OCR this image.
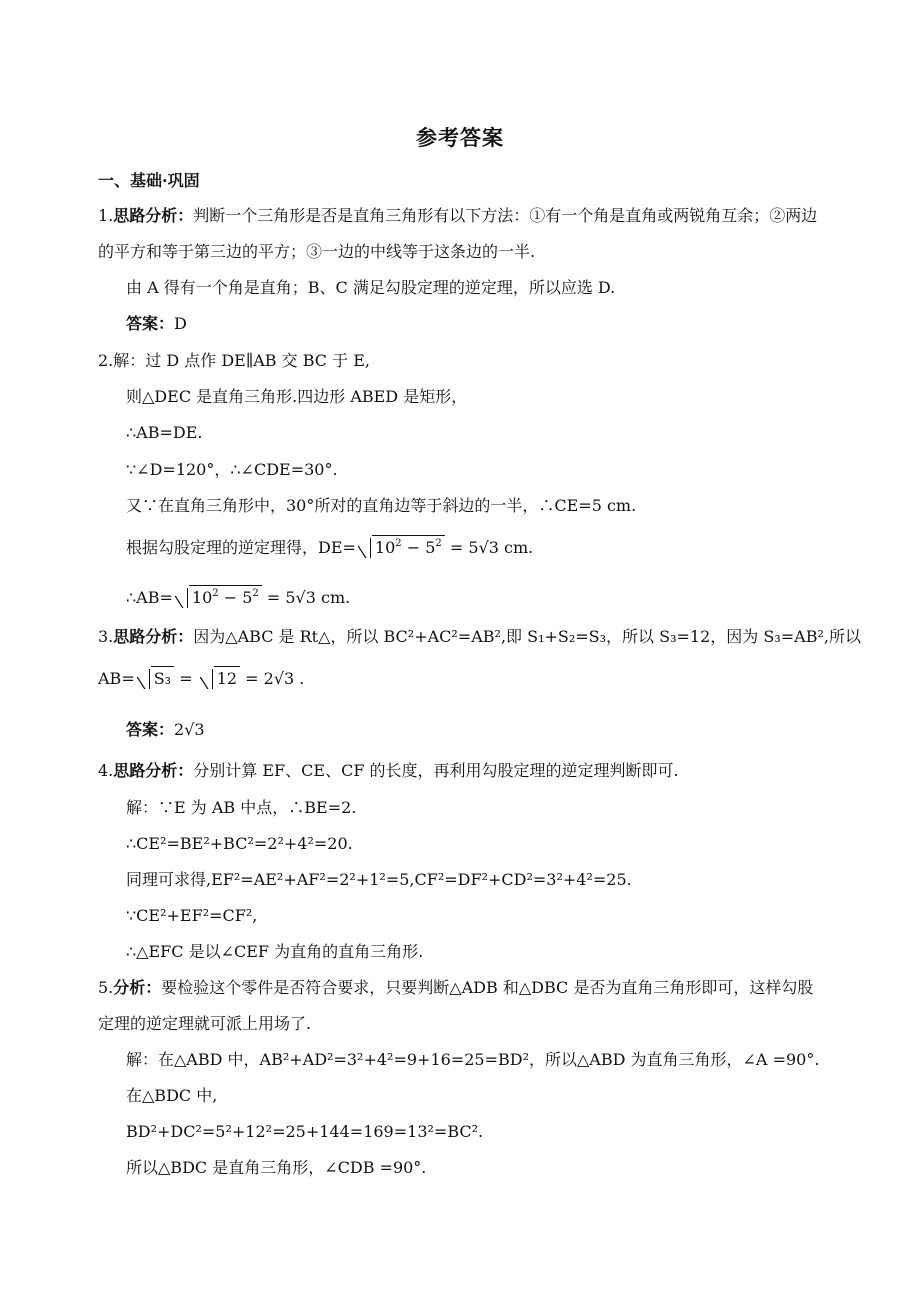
参考答案
一、基础·巩固
1.思路分析：判断一个三角形是否是直角三角形有以下方法：①有一个角是直角或两锐角互余；②两边
的平方和等于第三边的平方；③一边的中线等于这条边的一半.
由 A 得有一个角是直角；B、C 满足勾股定理的逆定理，所以应选 D.
答案：D
2.解：过 D 点作 DE∥AB 交 BC 于 E,
则△DEC 是直角三角形.四边形 ABED 是矩形，
∴AB=DE.
∵∠D=120°，∴∠CDE=30°.
又∵在直角三角形中，30°所对的直角边等于斜边的一半，∴CE=5 cm.
根据勾股定理的逆定理得，$DE= 10^2 - 5^2 = 5√3$ cm.
∴AB= $10^2 - 5^2 = 5√3$ cm.
3.思路分析：因为△ABC 是 Rt△，所以 BC²+AC²=AB²,即 S₁+S₂=S₃，所以 S₃=12，因为 S₃=AB²,所以
AB= S₃ = 12 = 2√3 .
答案：2√3
4.思路分析：分别计算 EF、CE、CF 的长度，再利用勾股定理的逆定理判断即可.
解：∵E 为 AB 中点，∴BE=2.
∴CE²=BE²+BC²=2²+4²=20.
同理可求得,EF²=AE²+AF²=2²+1²=5,CF²=DF²+CD²=3²+4²=25.
∵CE²+EF²=CF²,
∴△EFC 是以∠CEF 为直角的直角三角形.
5.分析：要检验这个零件是否符合要求，只要判断△ADB 和△DBC 是否为直角三角形即可，这样勾股
定理的逆定理就可派上用场了.
解：在△ABD 中，AB²+AD²=3²+4²=9+16=25=BD²，所以△ABD 为直角三角形，∠A =90°.
在△BDC 中,
BD²+DC²=5²+12²=25+144=169=13²=BC².
所以△BDC 是直角三角形，∠CDB =90°.
